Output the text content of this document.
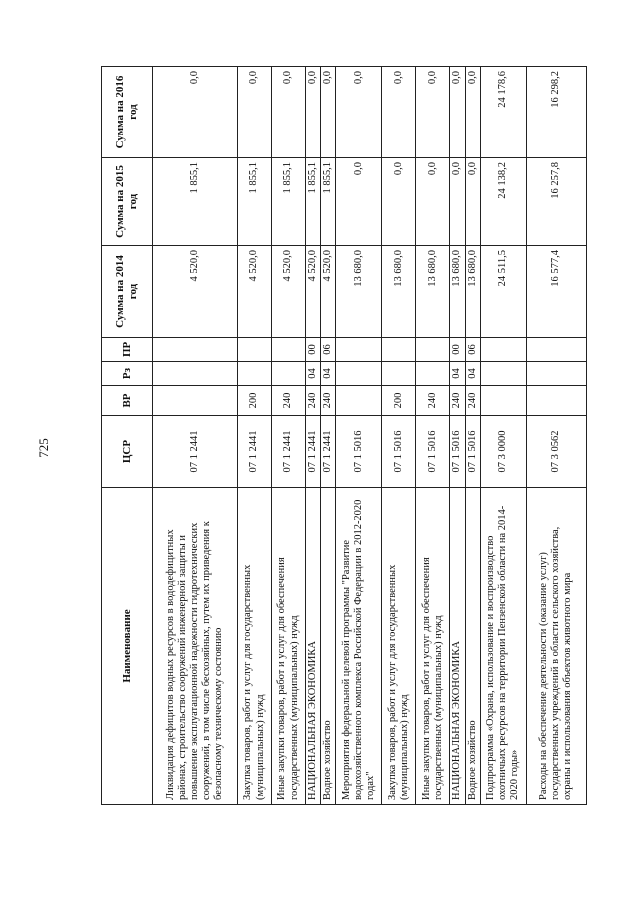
725
Наименование	ЦСР	ВР	Рз	ПР	Сумма на 2014 год	Сумма на 2015 год	Сумма на 2016 год
Ликвидация дефицитов водных ресурсов в вододефицитных районах, строительство сооружений инженерной защиты и повышение эксплуатационной надежности гидротехнических сооружений, в том числе бесхозяйных, путем их приведения к безопасному техническому состоянию	07 1 2441				4 520,0	1 855,1	0,0
Закупка товаров, работ и услуг для государственных (муниципальных) нужд	07 1 2441	200			4 520,0	1 855,1	0,0
Иные закупки товаров, работ и услуг для обеспечения государственных (муниципальных) нужд	07 1 2441	240			4 520,0	1 855,1	0,0
НАЦИОНАЛЬНАЯ ЭКОНОМИКА	07 1 2441	240	04	00	4 520,0	1 855,1	0,0
Водное хозяйство	07 1 2441	240	04	06	4 520,0	1 855,1	0,0
Мероприятия федеральной целевой программы "Развитие водохозяйственного комплекса Российской Федерации в 2012-2020 годах"	07 1 5016				13 680,0	0,0	0,0
Закупка товаров, работ и услуг для государственных (муниципальных) нужд	07 1 5016	200			13 680,0	0,0	0,0
Иные закупки товаров, работ и услуг для обеспечения государственных (муниципальных) нужд	07 1 5016	240			13 680,0	0,0	0,0
НАЦИОНАЛЬНАЯ ЭКОНОМИКА	07 1 5016	240	04	00	13 680,0	0,0	0,0
Водное хозяйство	07 1 5016	240	04	06	13 680,0	0,0	0,0
Подпрограмма «Охрана, использование и воспроизводство охотничьих ресурсов на территории Пензенской области на 2014-2020 годы»	07 3 0000				24 511,5	24 138,2	24 178,6
Расходы на обеспечение деятельности (оказание услуг) государственных учреждений в области сельского хозяйства, охраны и использования объектов животного мира	07 3 0562				16 577,4	16 257,8	16 298,2
